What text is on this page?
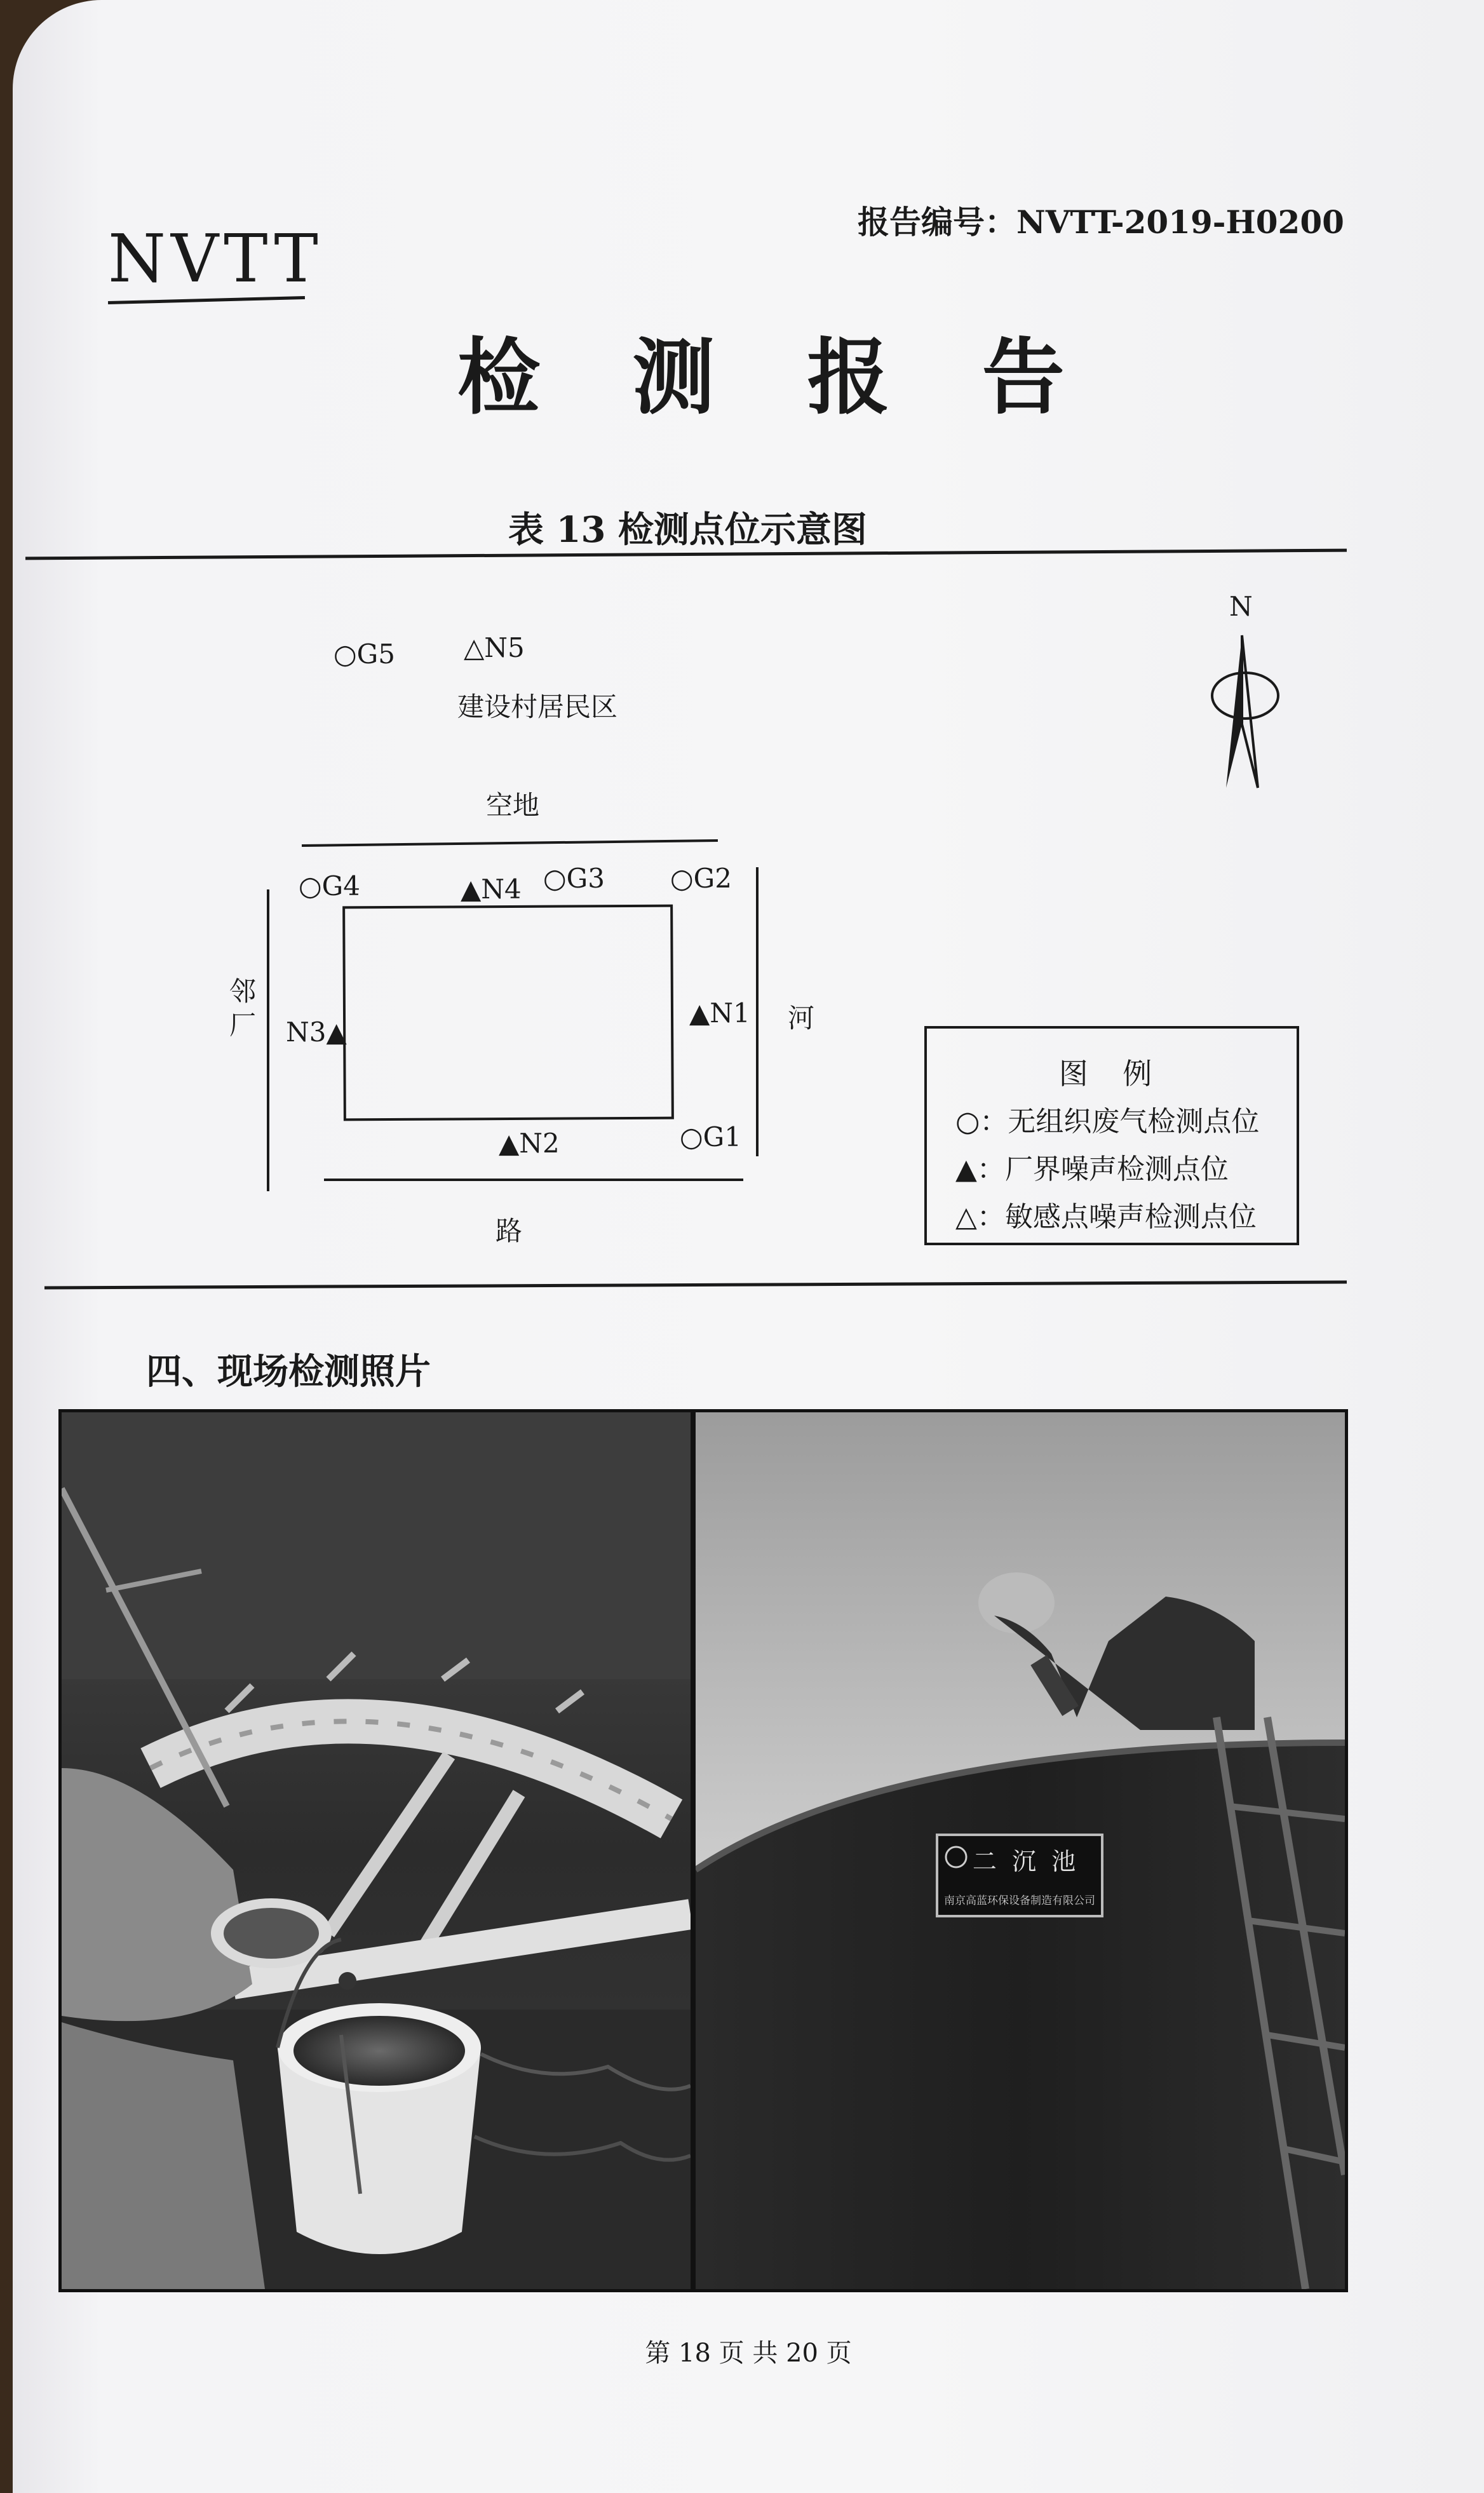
报告编号：NVTT-2019-H0200
NVTT
检 测 报 告
表 13 检测点位示意图
N
○G5	△N5
建设村居民区
空地
○G4	▲N4 ○G3 ○G2
邻厂 N3▲
▲N1 河
▲N2	○G1
路
图 例
○：无组织废气检测点位
▲：厂界噪声检测点位
△：敏感点噪声检测点位
四、现场检测照片
二 沉 池
南京高蓝环保设备制造有限公司
第 18 页 共 20 页
